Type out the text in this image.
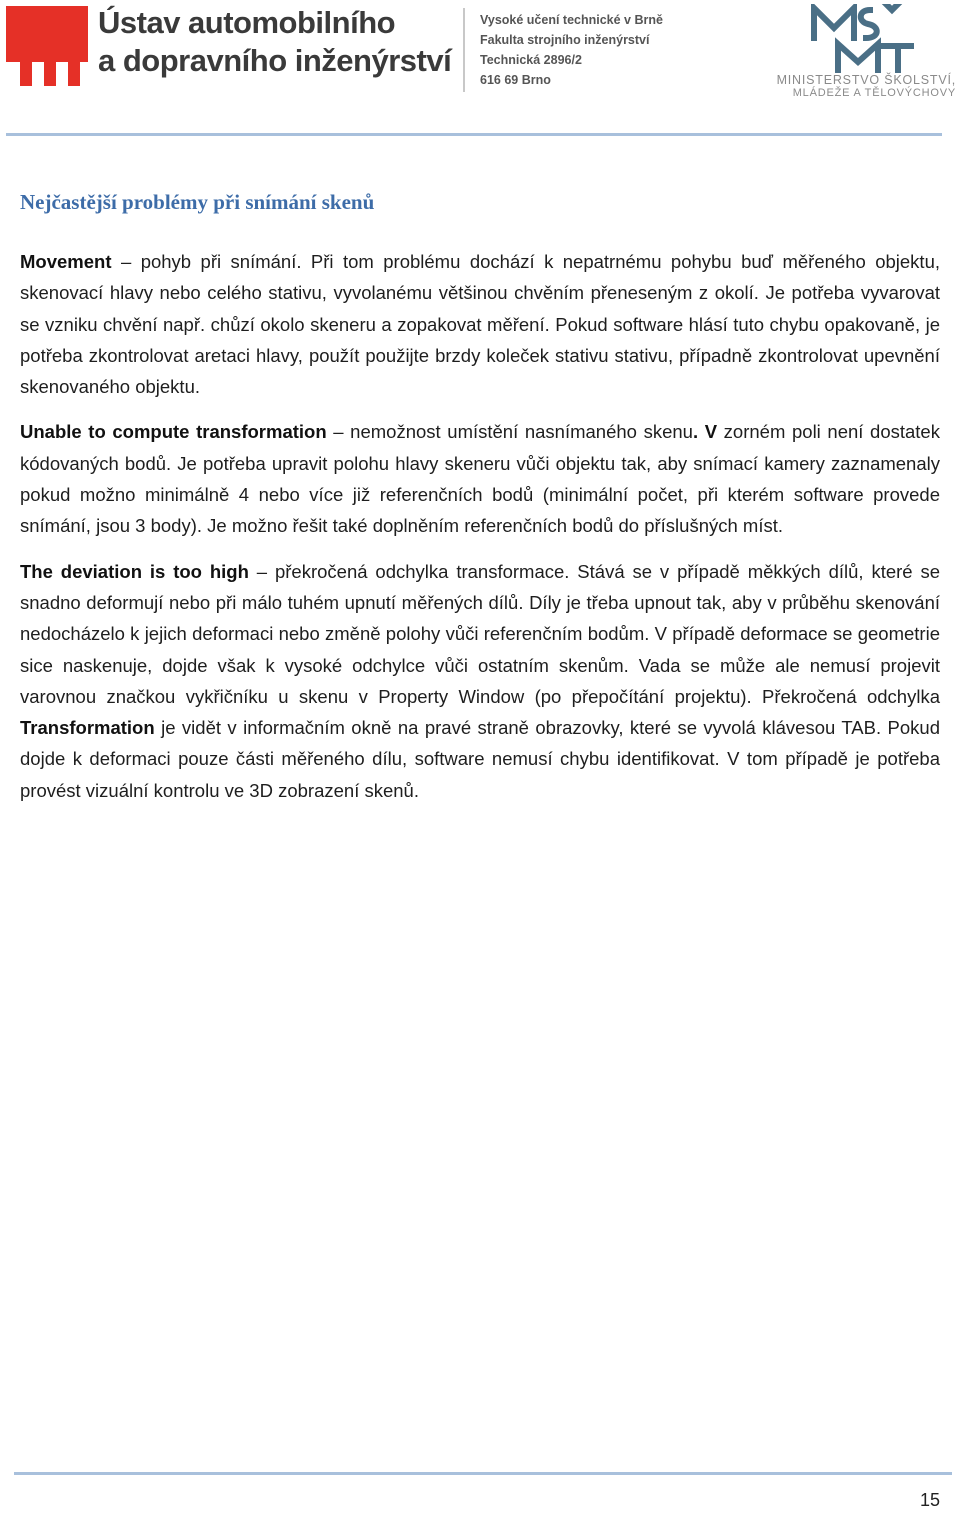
Ústav automobilního
a dopravního inženýrství
Vysoké učení technické v Brně
Fakulta strojního inženýrství
Technická 2896/2
616 69 Brno	MINISTERSTVO ŠKOLSTVÍ,
MLÁDEŽE A TĚLOVÝCHOVY
Nejčastější problémy při snímání skenů

Movement – pohyb při snímání. Při tom problému dochází k nepatrnému pohybu buď měřeného objektu, skenovací hlavy nebo celého stativu, vyvolanému většinou chvěním přeneseným z okolí. Je potřeba vyvarovat se vzniku chvění např. chůzí okolo skeneru a zopakovat měření. Pokud software hlásí tuto chybu opakovaně, je potřeba zkontrolovat aretaci hlavy, použít použijte brzdy koleček stativu stativu, případně zkontrolovat upevnění skenovaného objektu.

Unable to compute transformation – nemožnost umístění nasnímaného skenu. V zorném poli není dostatek kódovaných bodů. Je potřeba upravit polohu hlavy skeneru vůči objektu tak, aby snímací kamery zaznamenaly pokud možno minimálně 4 nebo více již referenčních bodů (minimální počet, při kterém software provede snímání, jsou 3 body). Je možno řešit také doplněním referenčních bodů do příslušných míst.

The deviation is too high – překročená odchylka transformace. Stává se v případě měkkých dílů, které se snadno deformují nebo při málo tuhém upnutí měřených dílů. Díly je třeba upnout tak, aby v průběhu skenování nedocházelo k jejich deformaci nebo změně polohy vůči referenčním bodům. V případě deformace se geometrie sice naskenuje, dojde však k vysoké odchylce vůči ostatním skenům. Vada se může ale nemusí projevit varovnou značkou vykřičníku u skenu v Property Window (po přepočítání projektu). Překročená odchylka Transformation je vidět v informačním okně na pravé straně obrazovky, které se vyvolá klávesou TAB. Pokud dojde k deformaci pouze části měřeného dílu, software nemusí chybu identifikovat. V tom případě je potřeba provést vizuální kontrolu ve 3D zobrazení skenů.

15
